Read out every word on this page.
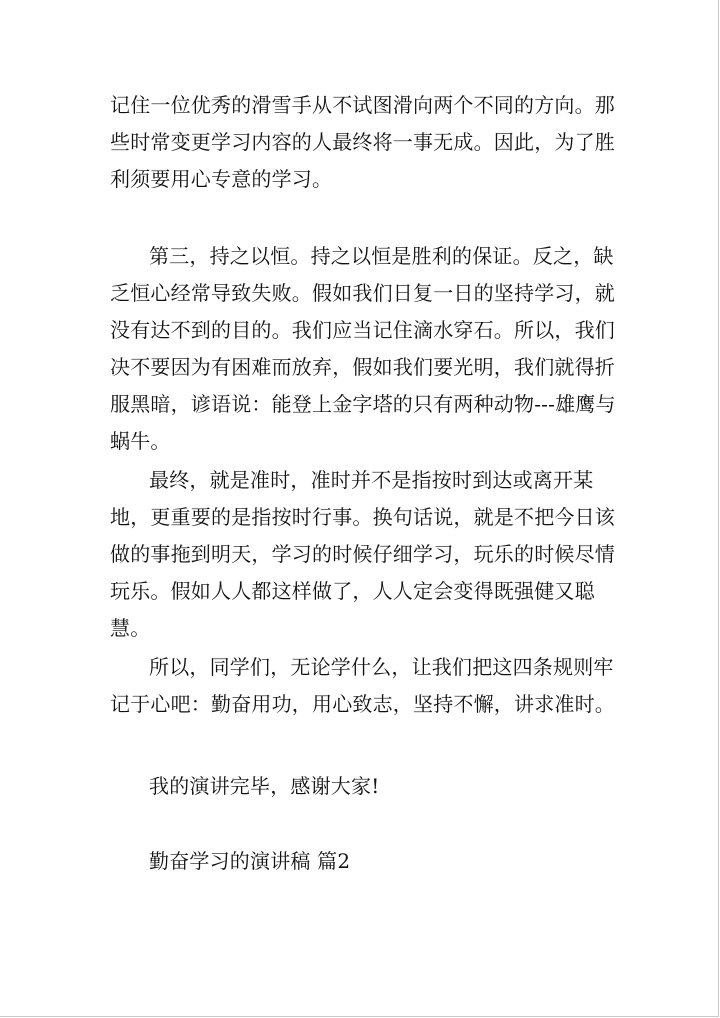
记住一位优秀的滑雪手从不试图滑向两个不同的方向。那些时常变更学习内容的人最终将一事无成。因此，为了胜利须要用心专意的学习。

第三，持之以恒。持之以恒是胜利的保证。反之，缺乏恒心经常导致失败。假如我们日复一日的坚持学习，就没有达不到的目的。我们应当记住滴水穿石。所以，我们决不要因为有困难而放弃，假如我们要光明，我们就得折服黑暗，谚语说：能登上金字塔的只有两种动物---雄鹰与蜗牛。

最终，就是准时，准时并不是指按时到达或离开某地，更重要的是指按时行事。换句话说，就是不把今日该做的事拖到明天，学习的时候仔细学习，玩乐的时候尽情玩乐。假如人人都这样做了，人人定会变得既强健又聪慧。

所以，同学们，无论学什么，让我们把这四条规则牢记于心吧：勤奋用功，用心致志，坚持不懈，讲求准时。

我的演讲完毕，感谢大家!

勤奋学习的演讲稿 篇2
